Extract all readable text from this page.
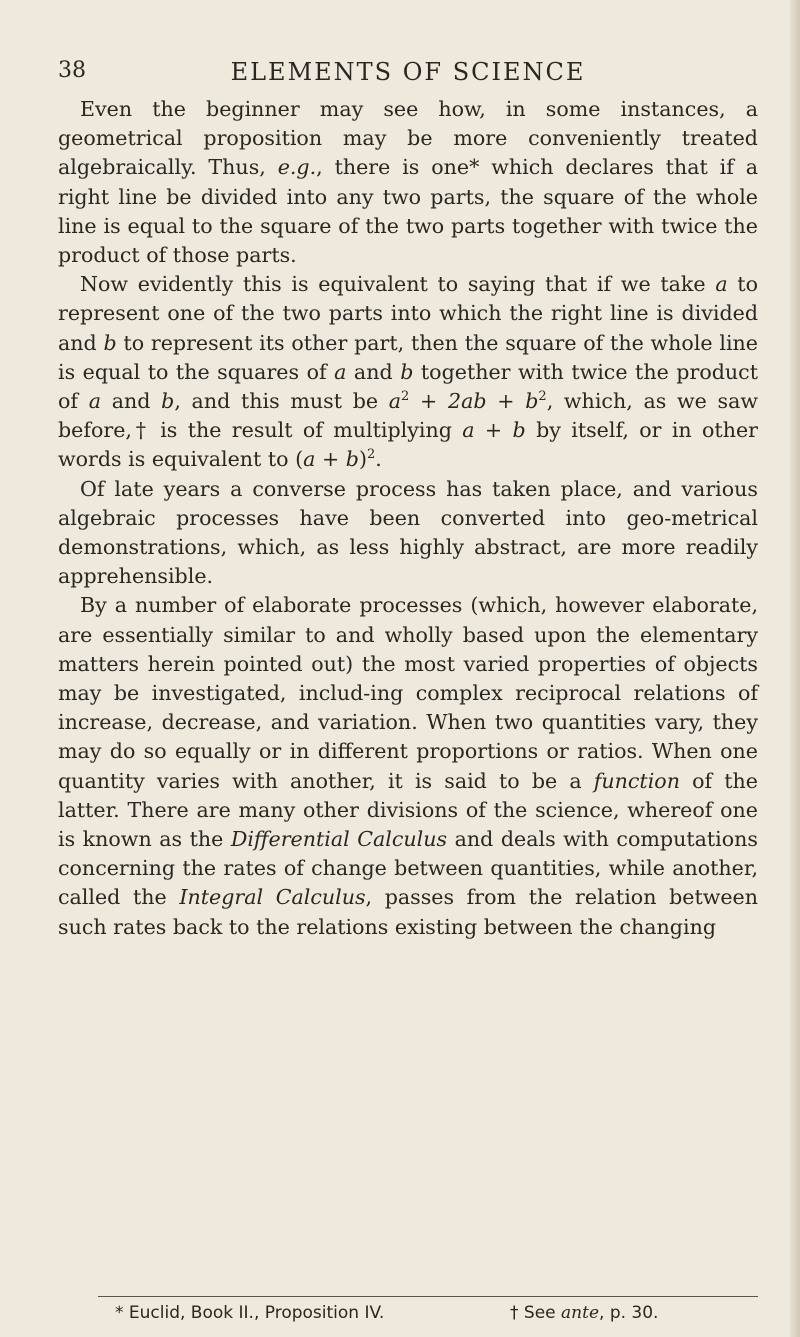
38	ELEMENTS OF SCIENCE

Even the beginner may see how, in some instances, a geometrical proposition may be more conveniently treated algebraically. Thus, e.g., there is one* which declares that if a right line be divided into any two parts, the square of the whole line is equal to the square of the two parts together with twice the product of those parts.

Now evidently this is equivalent to saying that if we take a to represent one of the two parts into which the right line is divided and b to represent its other part, then the square of the whole line is equal to the squares of a and b together with twice the product of a and b, and this must be $a^2 + 2ab + b^2$, which, as we saw before,† is the result of multiplying a + b by itself, or in other words is equivalent to $(a + b)^2$.

Of late years a converse process has taken place, and various algebraic processes have been converted into geo-metrical demonstrations, which, as less highly abstract, are more readily apprehensible.

By a number of elaborate processes (which, however elaborate, are essentially similar to and wholly based upon the elementary matters herein pointed out) the most varied properties of objects may be investigated, includ-ing complex reciprocal relations of increase, decrease, and variation. When two quantities vary, they may do so equally or in different proportions or ratios. When one quantity varies with another, it is said to be a function of the latter. There are many other divisions of the science, whereof one is known as the Differential Calculus and deals with computations concerning the rates of change between quantities, while another, called the Integral Calculus, passes from the relation between such rates back to the relations existing between the changing

* Euclid, Book II., Proposition IV.	† See ante, p. 30.
